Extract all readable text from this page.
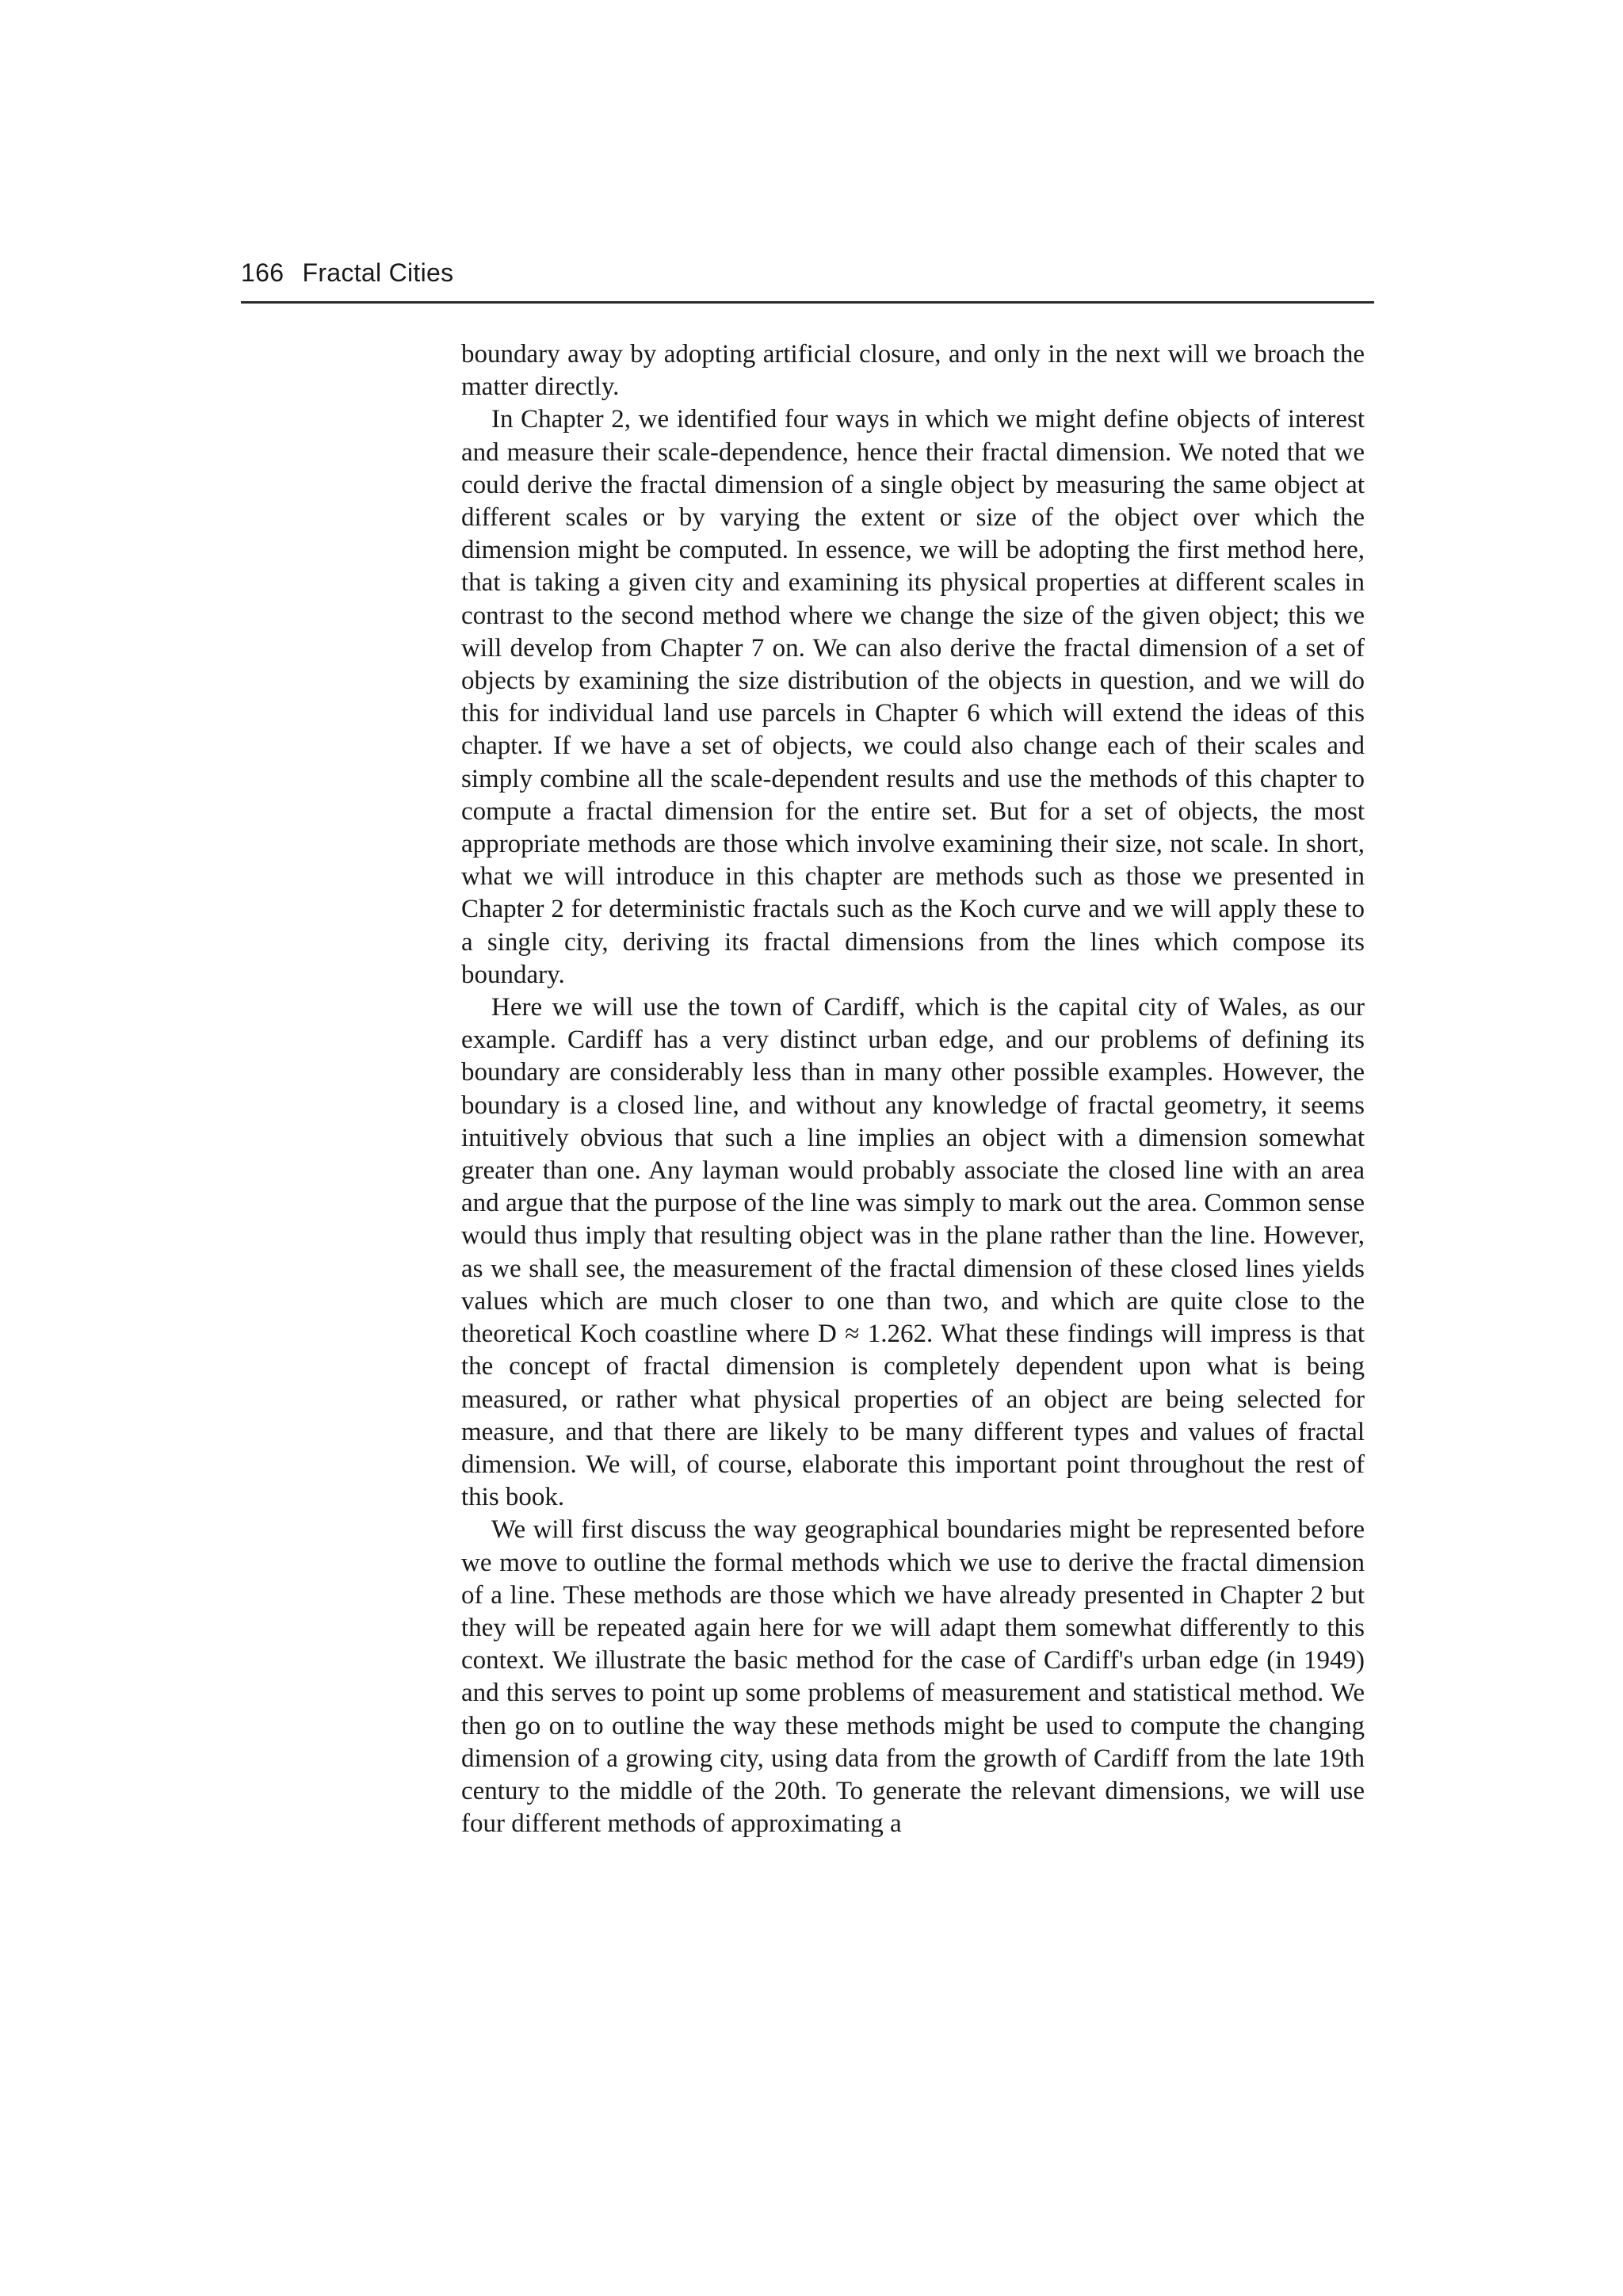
166 Fractal Cities

boundary away by adopting artificial closure, and only in the next will we broach the matter directly.

In Chapter 2, we identified four ways in which we might define objects of interest and measure their scale-dependence, hence their fractal dimension. We noted that we could derive the fractal dimension of a single object by measuring the same object at different scales or by varying the extent or size of the object over which the dimension might be computed. In essence, we will be adopting the first method here, that is taking a given city and examining its physical properties at different scales in contrast to the second method where we change the size of the given object; this we will develop from Chapter 7 on. We can also derive the fractal dimension of a set of objects by examining the size distribution of the objects in question, and we will do this for individual land use parcels in Chapter 6 which will extend the ideas of this chapter. If we have a set of objects, we could also change each of their scales and simply combine all the scale-dependent results and use the methods of this chapter to compute a fractal dimension for the entire set. But for a set of objects, the most appropriate methods are those which involve examining their size, not scale. In short, what we will introduce in this chapter are methods such as those we presented in Chapter 2 for deterministic fractals such as the Koch curve and we will apply these to a single city, deriving its fractal dimensions from the lines which compose its boundary.

Here we will use the town of Cardiff, which is the capital city of Wales, as our example. Cardiff has a very distinct urban edge, and our problems of defining its boundary are considerably less than in many other possible examples. However, the boundary is a closed line, and without any knowledge of fractal geometry, it seems intuitively obvious that such a line implies an object with a dimension somewhat greater than one. Any layman would probably associate the closed line with an area and argue that the purpose of the line was simply to mark out the area. Common sense would thus imply that resulting object was in the plane rather than the line. However, as we shall see, the measurement of the fractal dimension of these closed lines yields values which are much closer to one than two, and which are quite close to the theoretical Koch coastline where D ≈ 1.262. What these findings will impress is that the concept of fractal dimension is completely dependent upon what is being measured, or rather what physical properties of an object are being selected for measure, and that there are likely to be many different types and values of fractal dimension. We will, of course, elaborate this important point throughout the rest of this book.

We will first discuss the way geographical boundaries might be represented before we move to outline the formal methods which we use to derive the fractal dimension of a line. These methods are those which we have already presented in Chapter 2 but they will be repeated again here for we will adapt them somewhat differently to this context. We illustrate the basic method for the case of Cardiff's urban edge (in 1949) and this serves to point up some problems of measurement and statistical method. We then go on to outline the way these methods might be used to compute the changing dimension of a growing city, using data from the growth of Cardiff from the late 19th century to the middle of the 20th. To generate the relevant dimensions, we will use four different methods of approximating a
